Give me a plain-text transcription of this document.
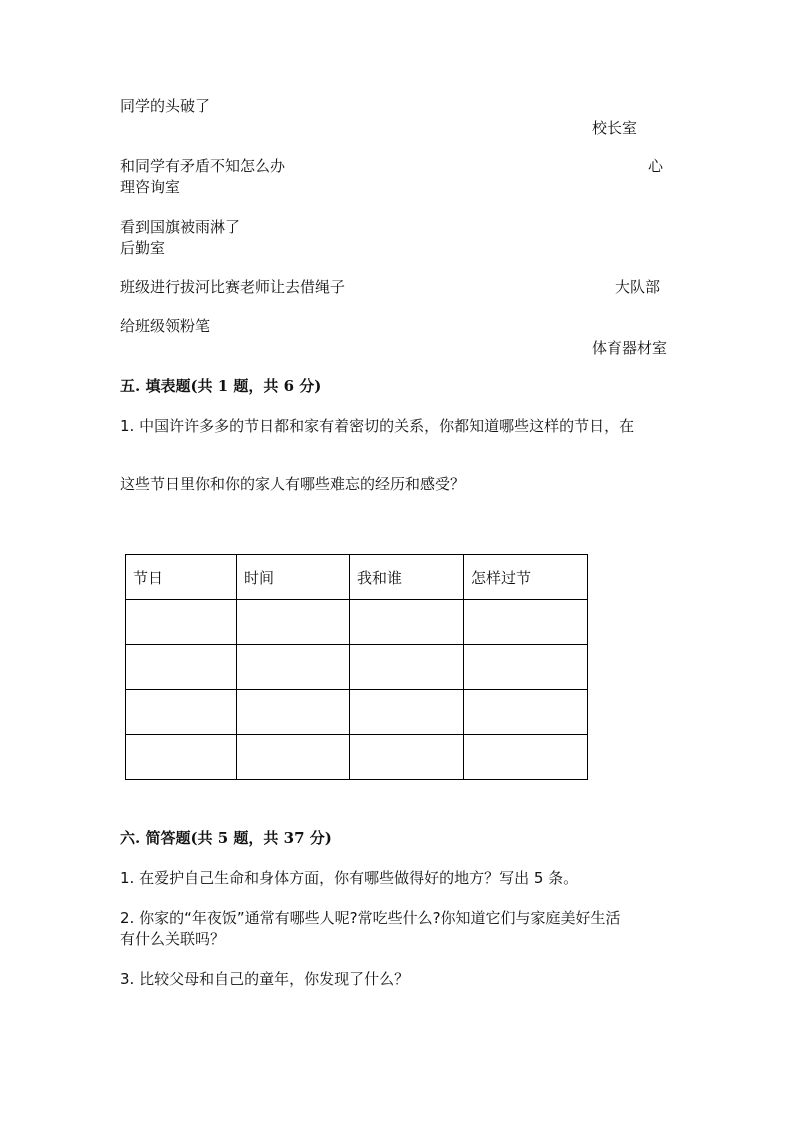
同学的头破了
校长室
和同学有矛盾不知怎么办	心
理咨询室
看到国旗被雨淋了
后勤室
班级进行拔河比赛老师让去借绳子	大队部
给班级领粉笔
体育器材室
五. 填表题(共 1 题，共 6 分)
1. 中国许许多多的节日都和家有着密切的关系，你都知道哪些这样的节日，在
这些节日里你和你的家人有哪些难忘的经历和感受？
节日	时间	我和谁	怎样过节

六. 简答题(共 5 题，共 37 分)
1. 在爱护自己生命和身体方面，你有哪些做得好的地方？写出 5 条。
2. 你家的“年夜饭”通常有哪些人呢?常吃些什么?你知道它们与家庭美好生活
有什么关联吗？
3. 比较父母和自己的童年，你发现了什么？
